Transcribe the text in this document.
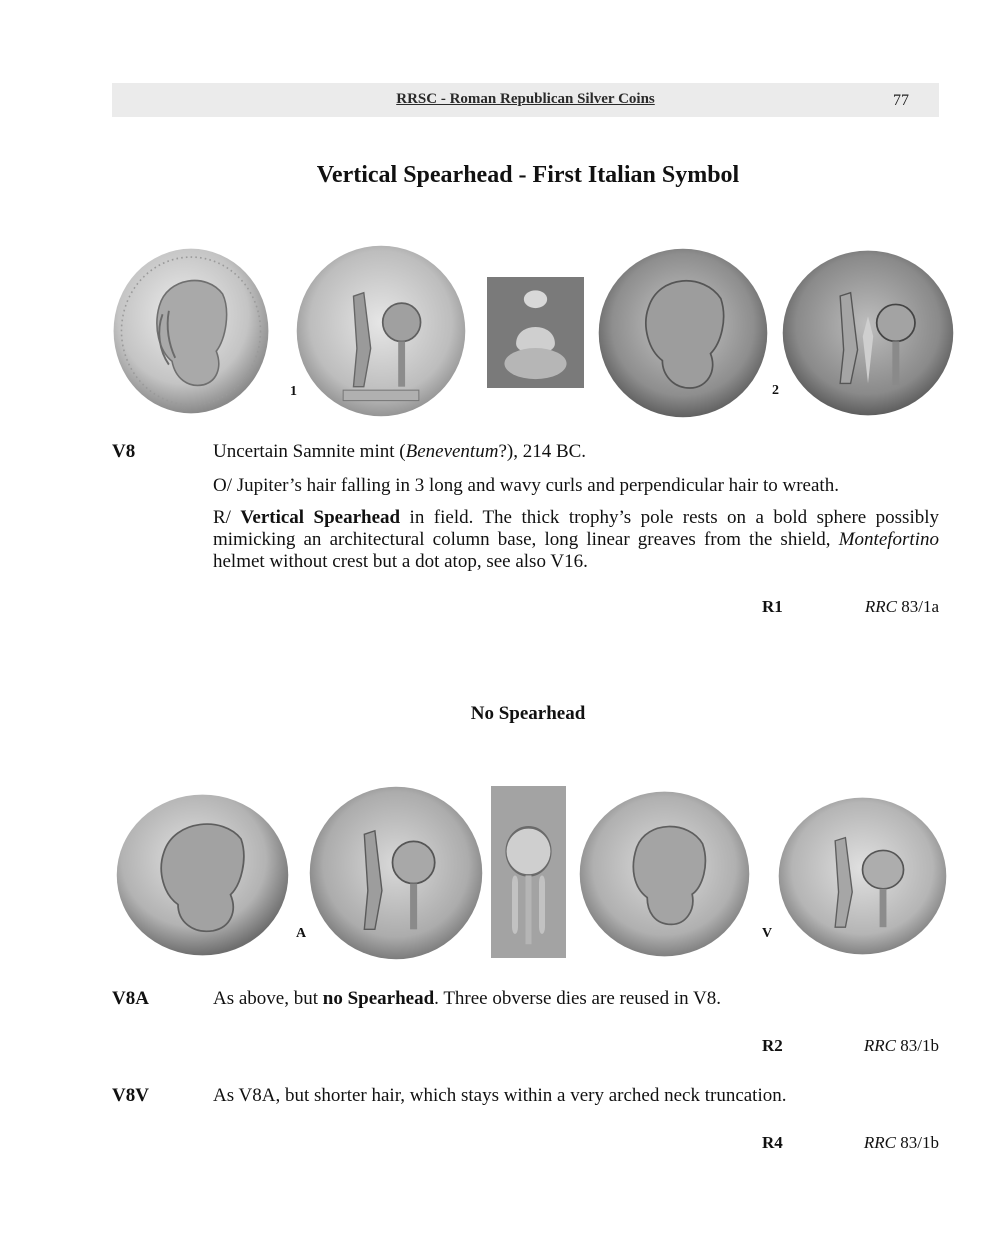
RRSC - Roman Republican Silver Coins	77
Vertical Spearhead - First Italian Symbol
1	2
V8	Uncertain Samnite mint (Beneventum?), 214 BC.
O/ Jupiter’s hair falling in 3 long and wavy curls and perpendicular hair to wreath.
R/ Vertical Spearhead in field. The thick trophy’s pole rests on a bold sphere possibly mimicking an architectural column base, long linear greaves from the shield, Montefortino helmet without crest but a dot atop, see also V16.
R1	RRC 83/1a
No Spearhead
A	V
V8A	As above, but no Spearhead. Three obverse dies are reused in V8.
R2	RRC 83/1b
V8V	As V8A, but shorter hair, which stays within a very arched neck truncation.
R4	RRC 83/1b
